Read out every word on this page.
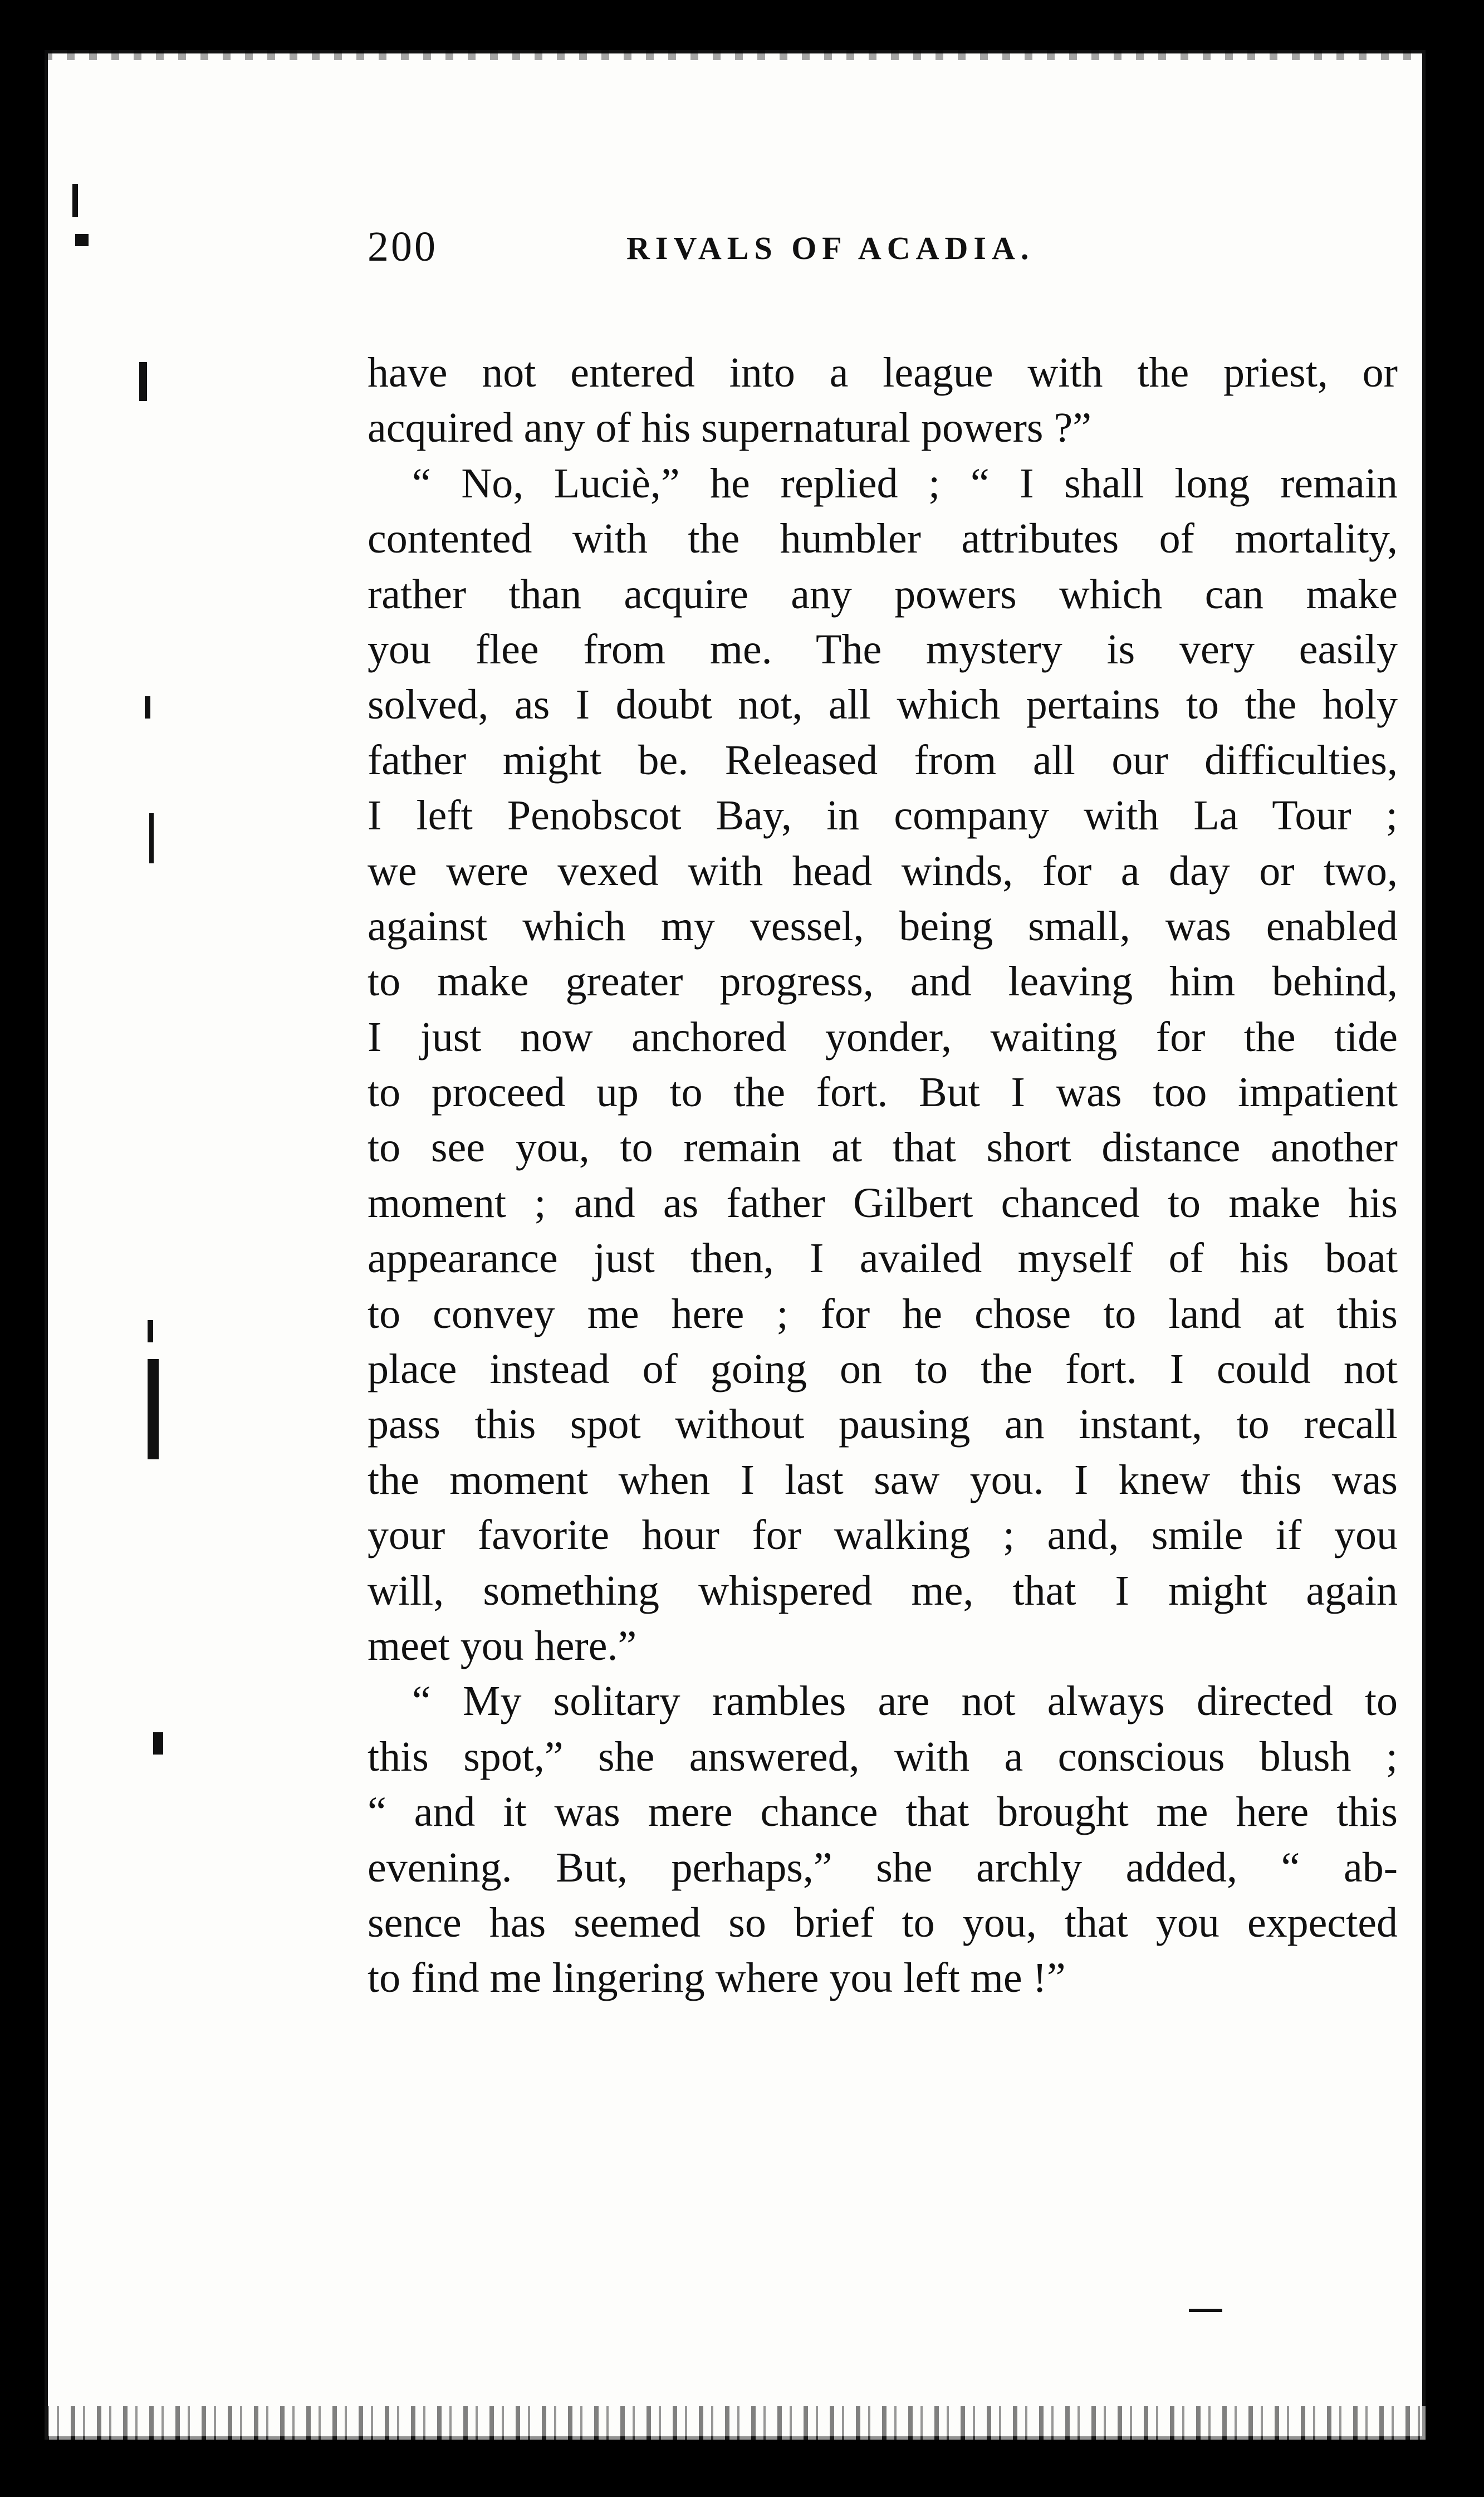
200	RIVALS OF ACADIA.
have not entered into a league with the priest, or
acquired any of his supernatural powers ?”
“ No, Luciè,” he replied ; “ I shall long remain
contented with the humbler attributes of mortality,
rather than acquire any powers which can make
you flee from me. The mystery is very easily
solved, as I doubt not, all which pertains to the holy
father might be. Released from all our difficulties,
I left Penobscot Bay, in company with La Tour ;
we were vexed with head winds, for a day or two,
against which my vessel, being small, was enabled
to make greater progress, and leaving him behind,
I just now anchored yonder, waiting for the tide
to proceed up to the fort. But I was too impatient
to see you, to remain at that short distance another
moment ; and as father Gilbert chanced to make his
appearance just then, I availed myself of his boat
to convey me here ; for he chose to land at this
place instead of going on to the fort. I could not
pass this spot without pausing an instant, to recall
the moment when I last saw you. I knew this was
your favorite hour for walking ; and, smile if you
will, something whispered me, that I might again
meet you here.”
“ My solitary rambles are not always directed to
this spot,” she answered, with a conscious blush ;
“ and it was mere chance that brought me here this
evening. But, perhaps,” she archly added, “ ab-
sence has seemed so brief to you, that you expected
to find me lingering where you left me !”
